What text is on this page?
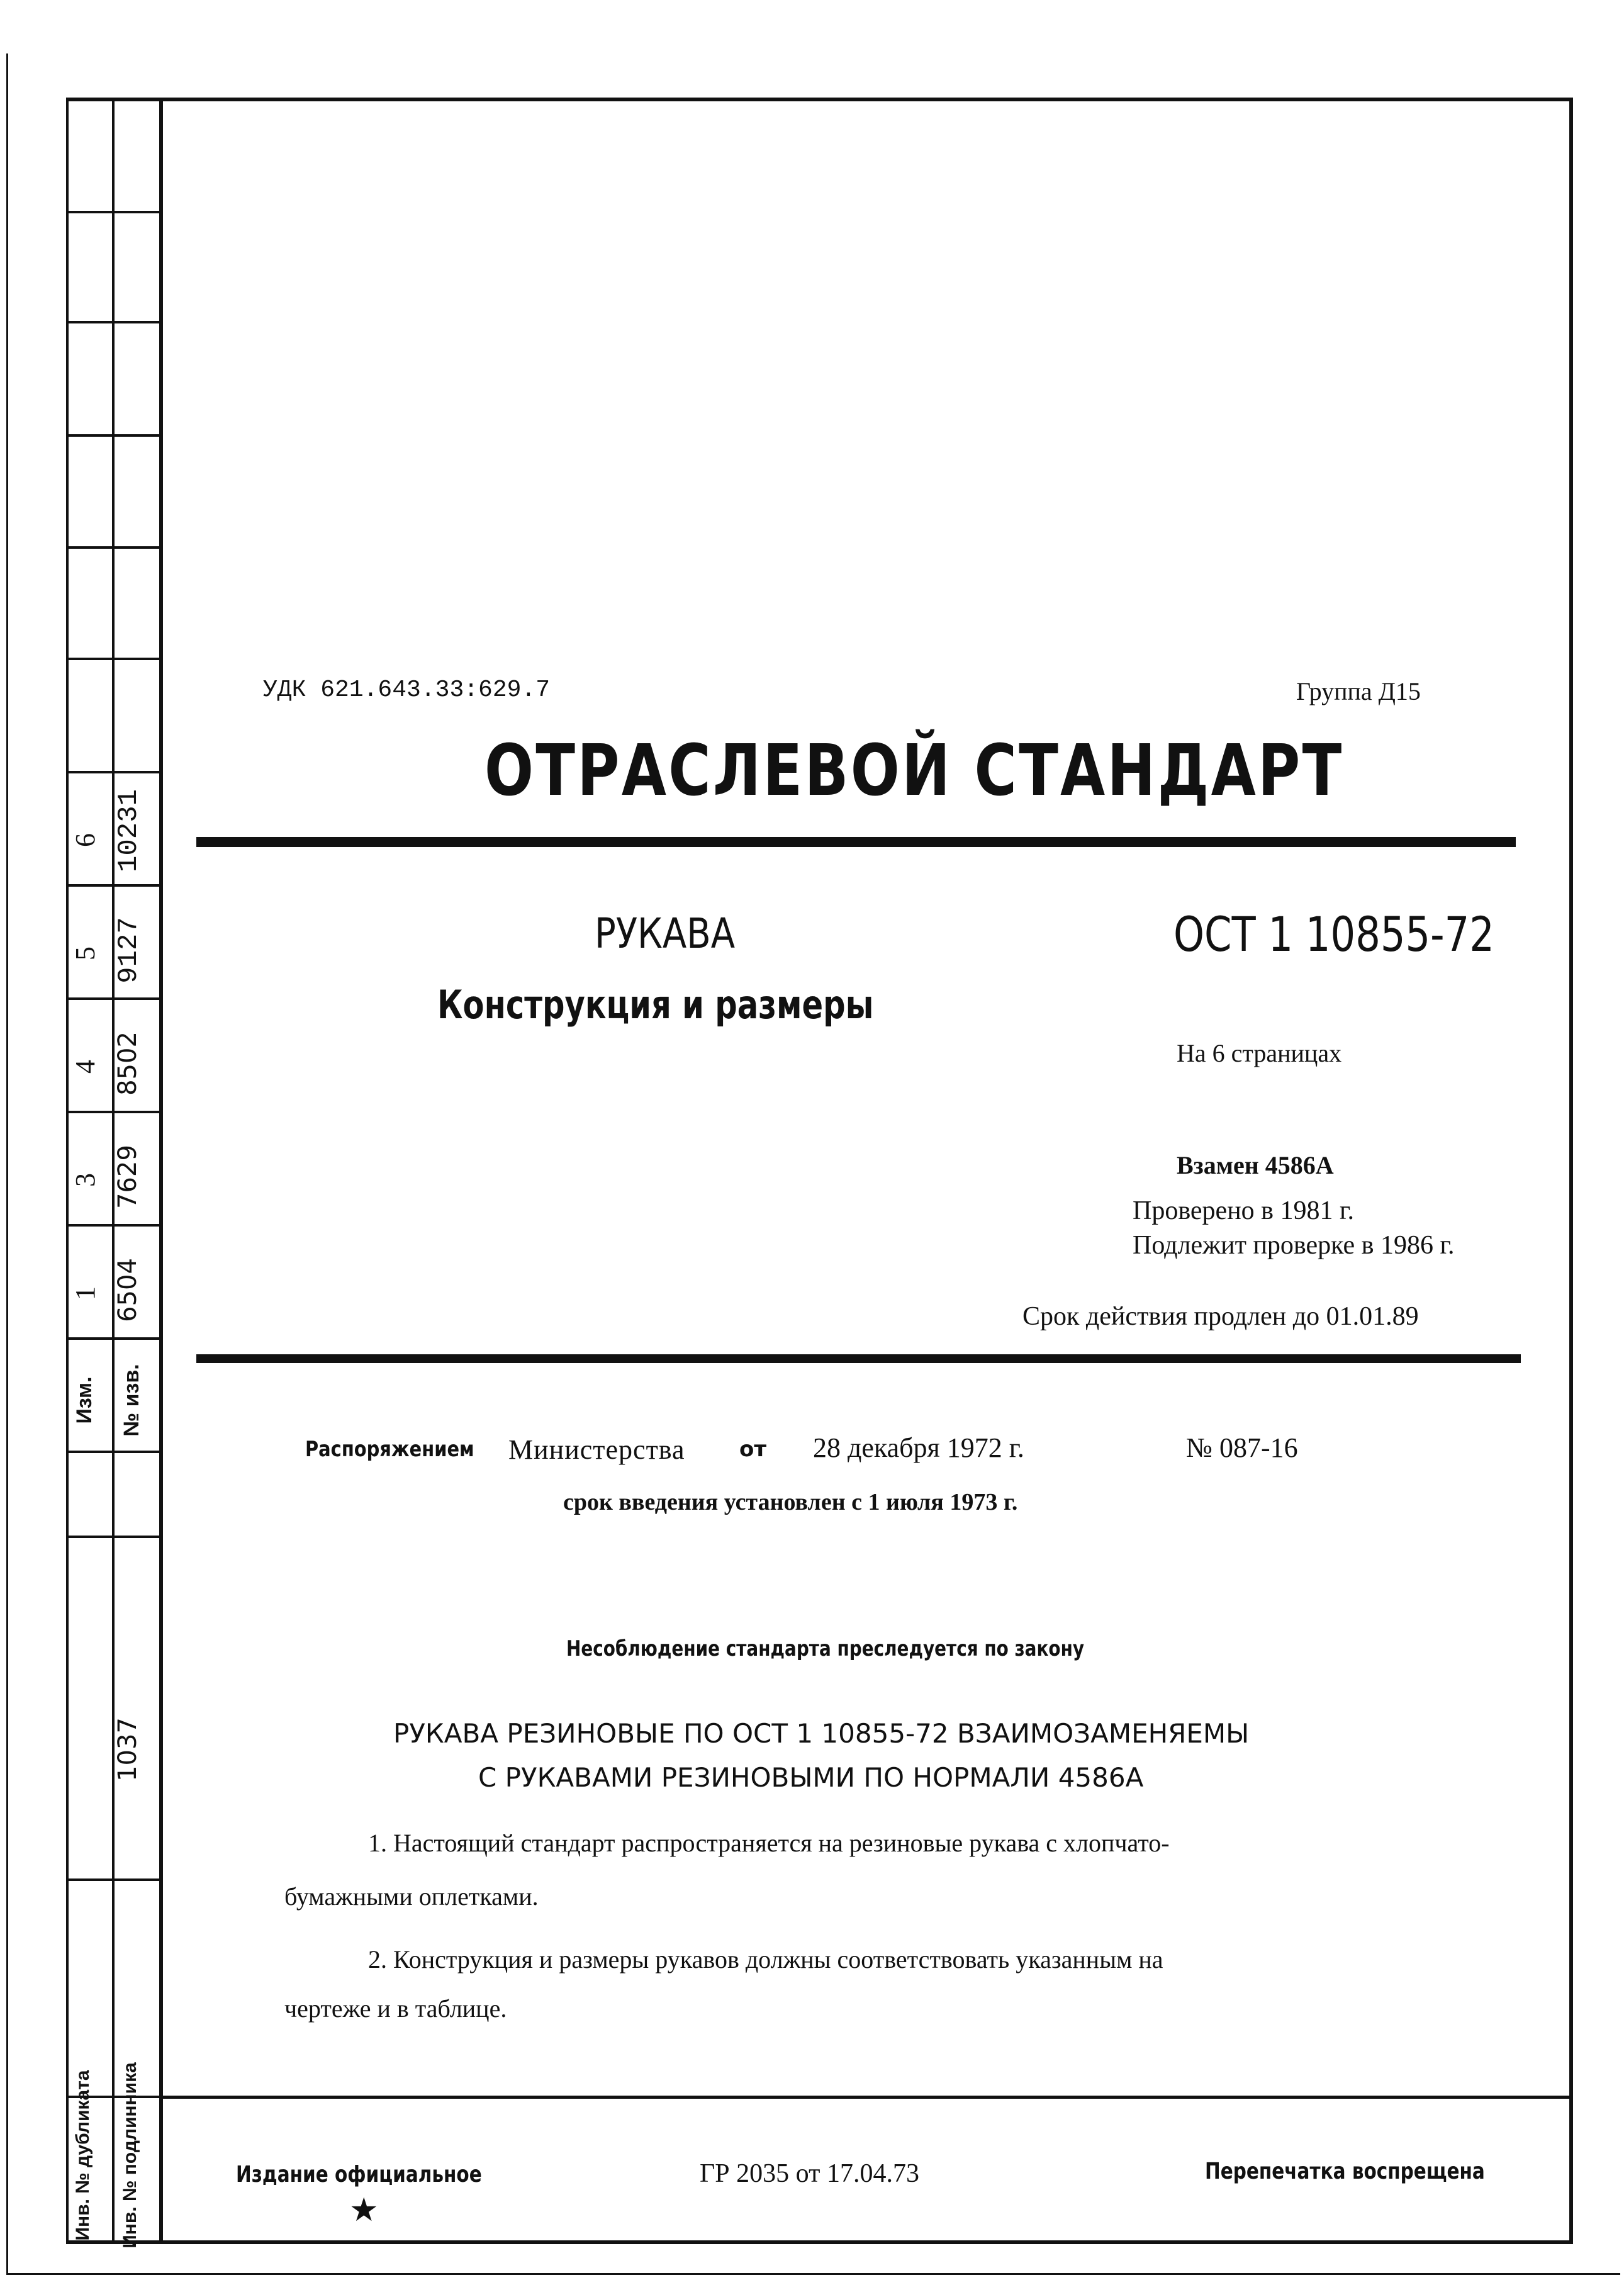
6 10231
5 9127
4 8502
3 7629
1 6504
Изм.	№ изв.
1037
Инв. № дубликата	Инв. № подлинника
УДК 621.643.33:629.7	Группа Д15
ОТРАСЛЕВОЙ СТАНДАРТ
РУКАВА
Конструкция и размеры
ОСТ 1 10855-72
На 6 страницах
Взамен 4586А
Проверено в 1981 г.
Подлежит проверке в 1986 г.
Срок действия продлен до 01.01.89
Распоряжением Министерства	от 28 декабря 1972 г.	№ 087-16
срок введения установлен с 1 июля 1973 г.
Несоблюдение стандарта преследуется по закону
РУКАВА РЕЗИНОВЫЕ ПО ОСТ 1 10855-72 ВЗАИМОЗАМЕНЯЕМЫ
С РУКАВАМИ РЕЗИНОВЫМИ ПО НОРМАЛИ 4586А
1. Настоящий стандарт распространяется на резиновые рукава с хлопчато-
бумажными оплетками.
2. Конструкция и размеры рукавов должны соответствовать указанным на
чертеже и в таблице.
Издание официальное
★
ГР 2035 от 17.04.73	Перепечатка воспрещена
